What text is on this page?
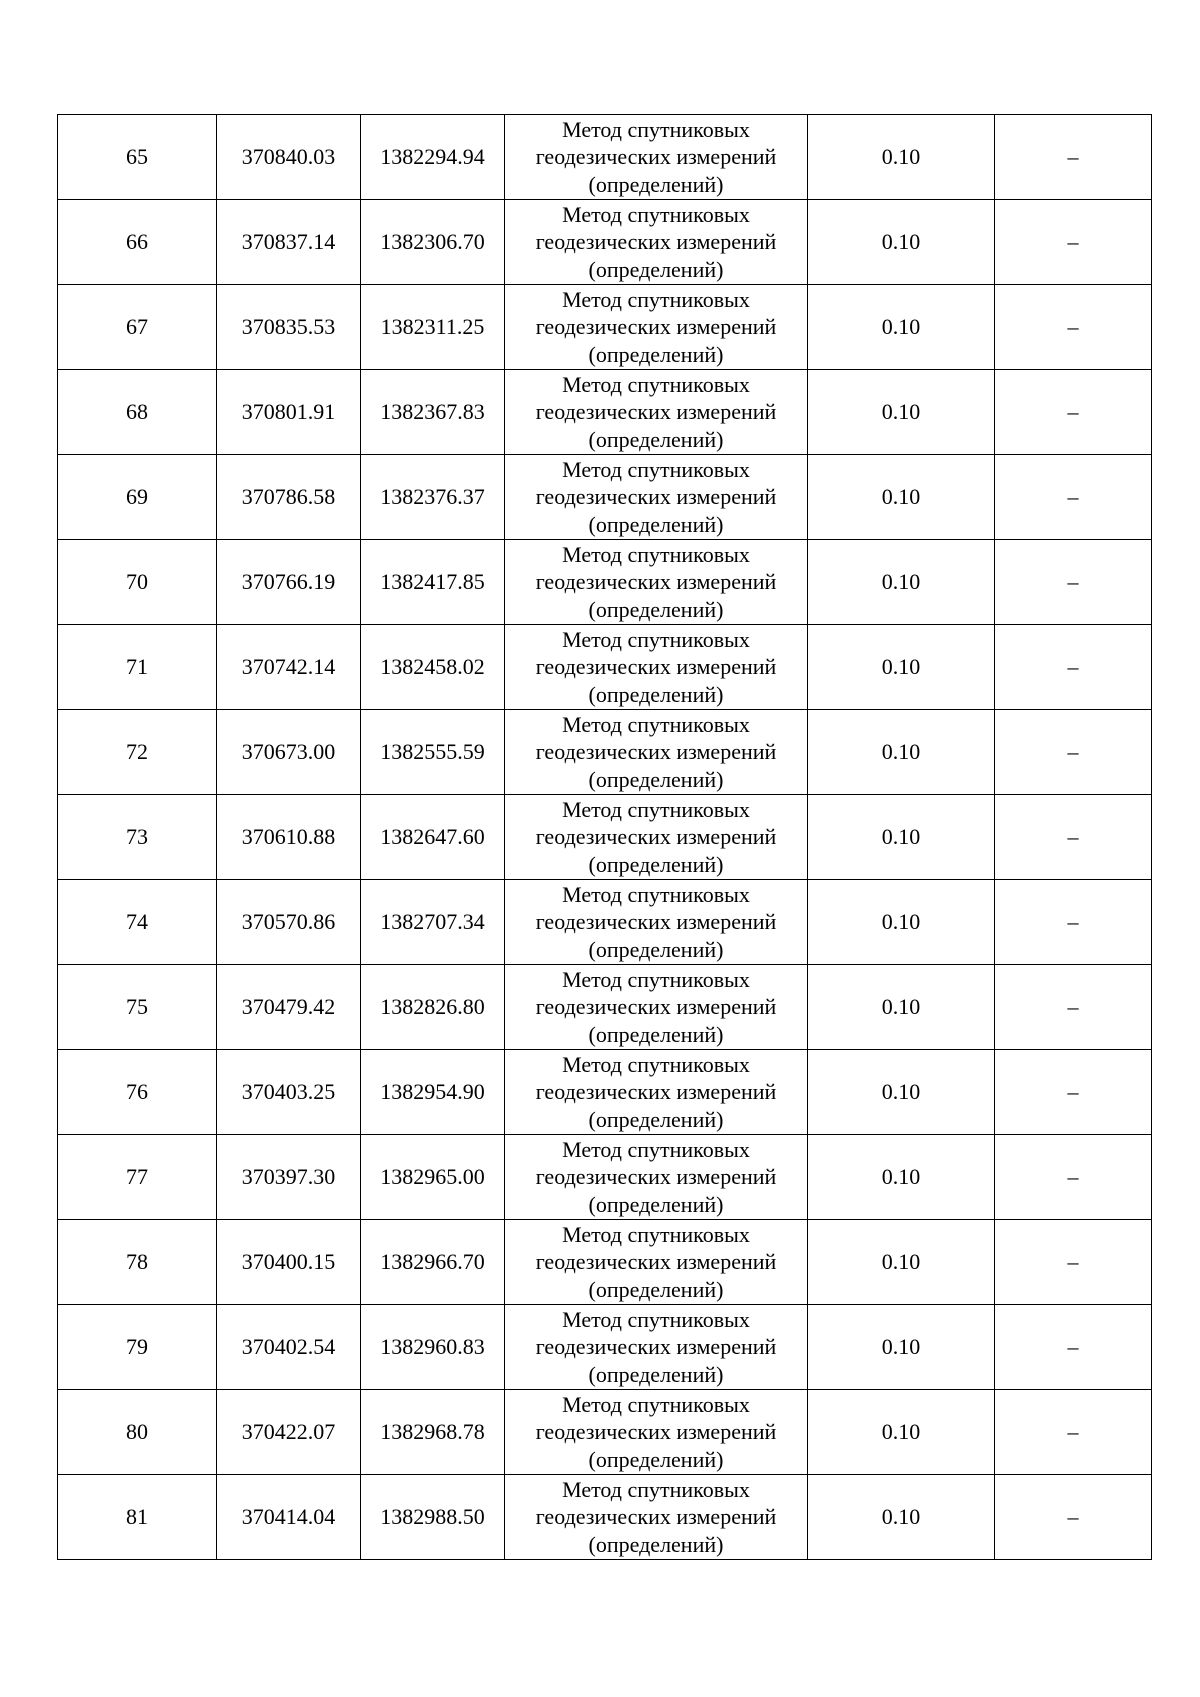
65	370840.03	1382294.94	Метод спутниковых
геодезических измерений
(определений)	0.10	–
66	370837.14	1382306.70	Метод спутниковых
геодезических измерений
(определений)	0.10	–
67	370835.53	1382311.25	Метод спутниковых
геодезических измерений
(определений)	0.10	–
68	370801.91	1382367.83	Метод спутниковых
геодезических измерений
(определений)	0.10	–
69	370786.58	1382376.37	Метод спутниковых
геодезических измерений
(определений)	0.10	–
70	370766.19	1382417.85	Метод спутниковых
геодезических измерений
(определений)	0.10	–
71	370742.14	1382458.02	Метод спутниковых
геодезических измерений
(определений)	0.10	–
72	370673.00	1382555.59	Метод спутниковых
геодезических измерений
(определений)	0.10	–
73	370610.88	1382647.60	Метод спутниковых
геодезических измерений
(определений)	0.10	–
74	370570.86	1382707.34	Метод спутниковых
геодезических измерений
(определений)	0.10	–
75	370479.42	1382826.80	Метод спутниковых
геодезических измерений
(определений)	0.10	–
76	370403.25	1382954.90	Метод спутниковых
геодезических измерений
(определений)	0.10	–
77	370397.30	1382965.00	Метод спутниковых
геодезических измерений
(определений)	0.10	–
78	370400.15	1382966.70	Метод спутниковых
геодезических измерений
(определений)	0.10	–
79	370402.54	1382960.83	Метод спутниковых
геодезических измерений
(определений)	0.10	–
80	370422.07	1382968.78	Метод спутниковых
геодезических измерений
(определений)	0.10	–
81	370414.04	1382988.50	Метод спутниковых
геодезических измерений
(определений)	0.10	–
